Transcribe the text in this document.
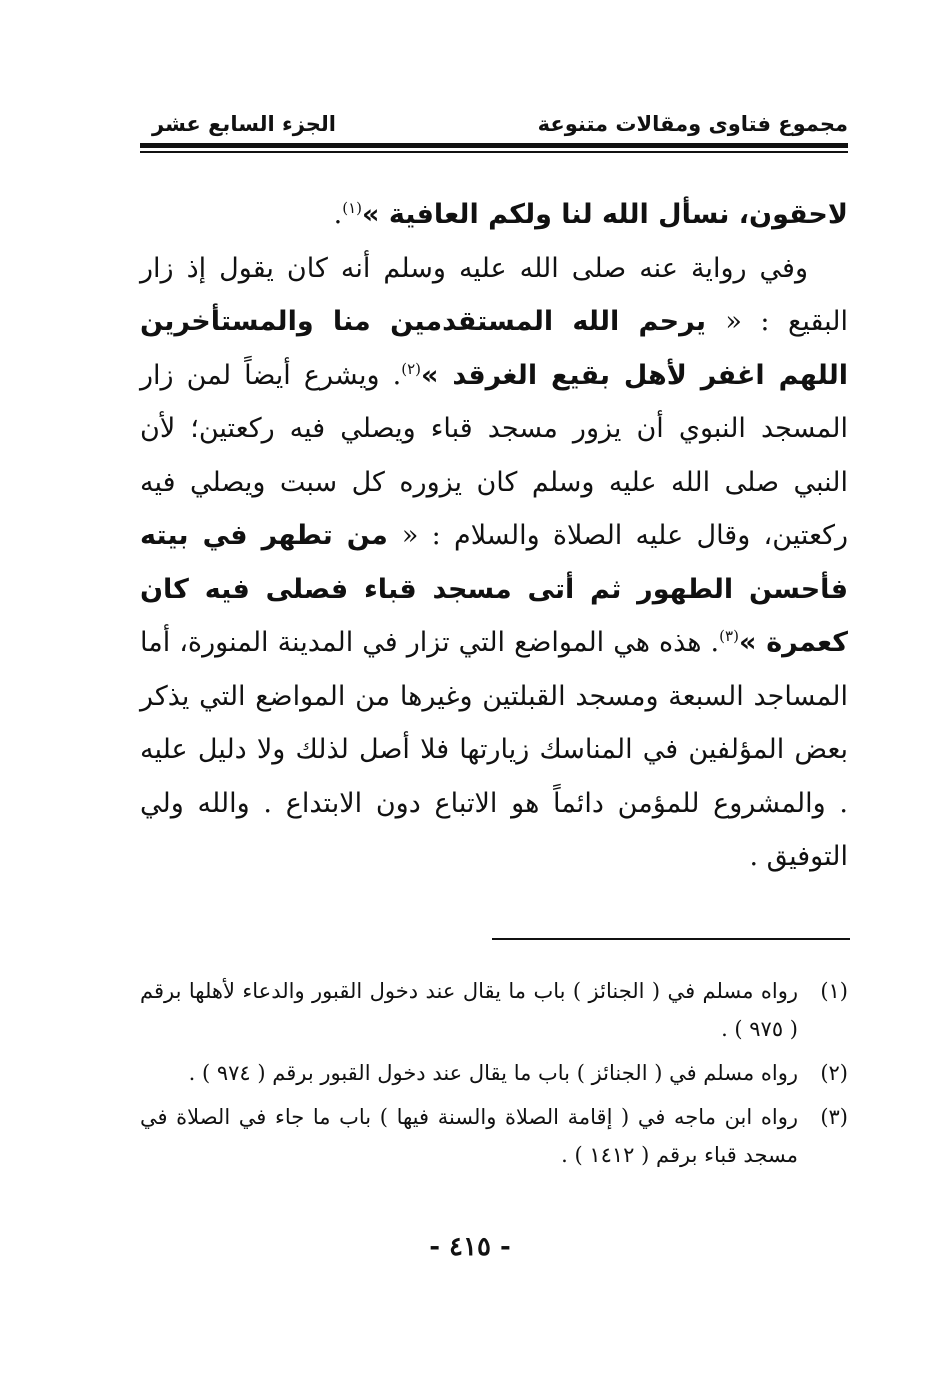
مجموع فتاوى ومقالات متنوعة
الجزء السابع عشر

لاحقون، نسأل الله لنا ولكم العافية »$^{(١)}$.

وفي رواية عنه صلى الله عليه وسلم أنه كان يقول إذ زار البقيع : « يرحم الله المستقدمين منا والمستأخرين اللهم اغفر لأهل بقيع الغرقد »$^{(٢)}$. ويشرع أيضاً لمن زار المسجد النبوي أن يزور مسجد قباء ويصلي فيه ركعتين؛ لأن النبي صلى الله عليه وسلم كان يزوره كل سبت ويصلي فيه ركعتين، وقال عليه الصلاة والسلام : « من تطهر في بيته فأحسن الطهور ثم أتى مسجد قباء فصلى فيه كان كعمرة »$^{(٣)}$. هذه هي المواضع التي تزار في المدينة المنورة، أما المساجد السبعة ومسجد القبلتين وغيرها من المواضع التي يذكر بعض المؤلفين في المناسك زيارتها فلا أصل لذلك ولا دليل عليه . والمشروع للمؤمن دائماً هو الاتباع دون الابتداع . والله ولي التوفيق .

(١)
رواه مسلم في ( الجنائز ) باب ما يقال عند دخول القبور والدعاء لأهلها برقم ( ٩٧٥ ) .
(٢)
رواه مسلم في ( الجنائز ) باب ما يقال عند دخول القبور برقم ( ٩٧٤ ) .
(٣)
رواه ابن ماجه في ( إقامة الصلاة والسنة فيها ) باب ما جاء في الصلاة في مسجد قباء برقم ( ١٤١٢ ) .
- ٤١٥ -
